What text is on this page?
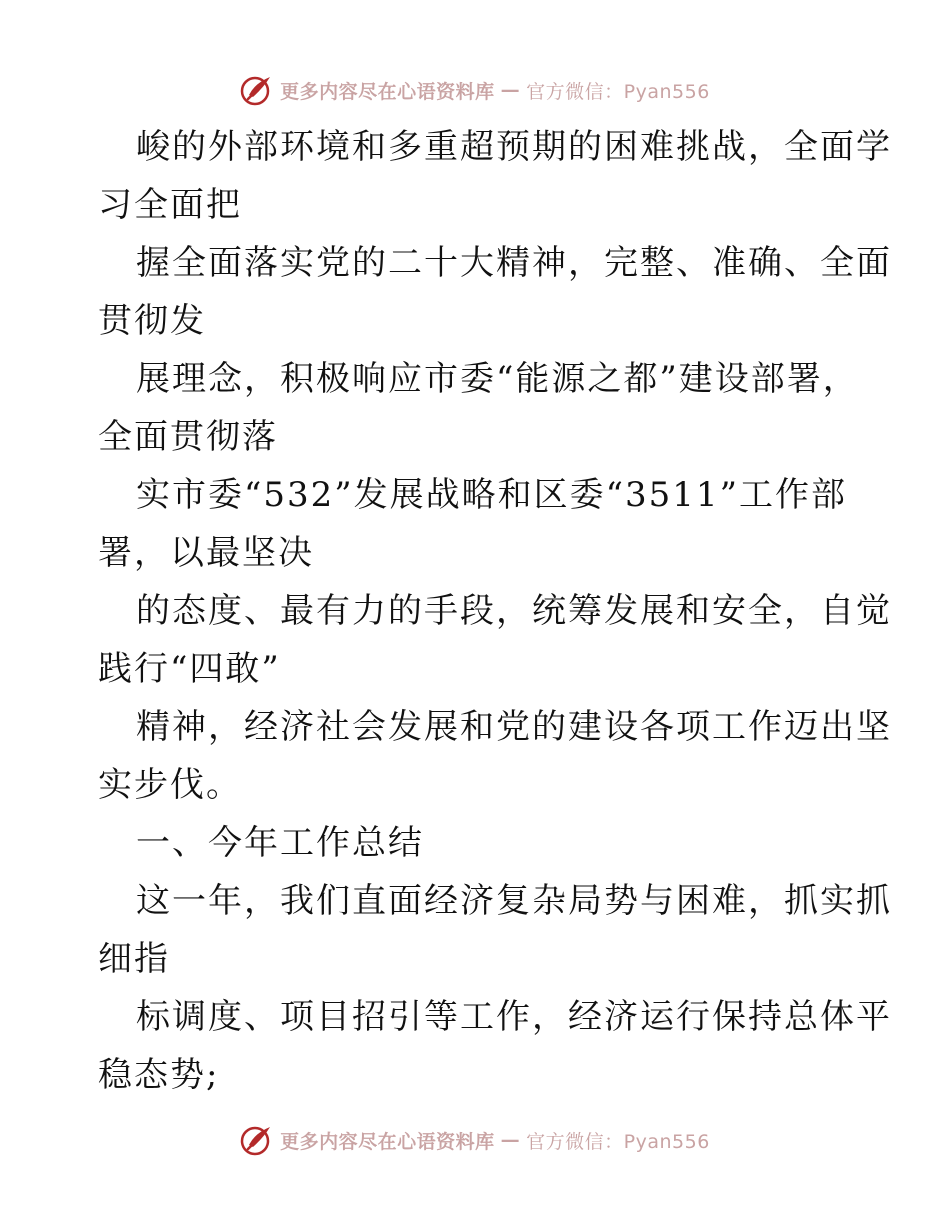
更多内容尽在心语资料库 — 官方微信：Pyan556
峻的外部环境和多重超预期的困难挑战，全面学
习全面把
握全面落实党的二十大精神，完整、准确、全面
贯彻发
展理念，积极响应市委“能源之都”建设部署，
全面贯彻落
实市委“532”发展战略和区委“3511”工作部
署，以最坚决
的态度、最有力的手段，统筹发展和安全，自觉
践行“四敢”
精神，经济社会发展和党的建设各项工作迈出坚
实步伐。
一、今年工作总结
这一年，我们直面经济复杂局势与困难，抓实抓
细指
标调度、项目招引等工作，经济运行保持总体平
稳态势;
更多内容尽在心语资料库 — 官方微信：Pyan556
